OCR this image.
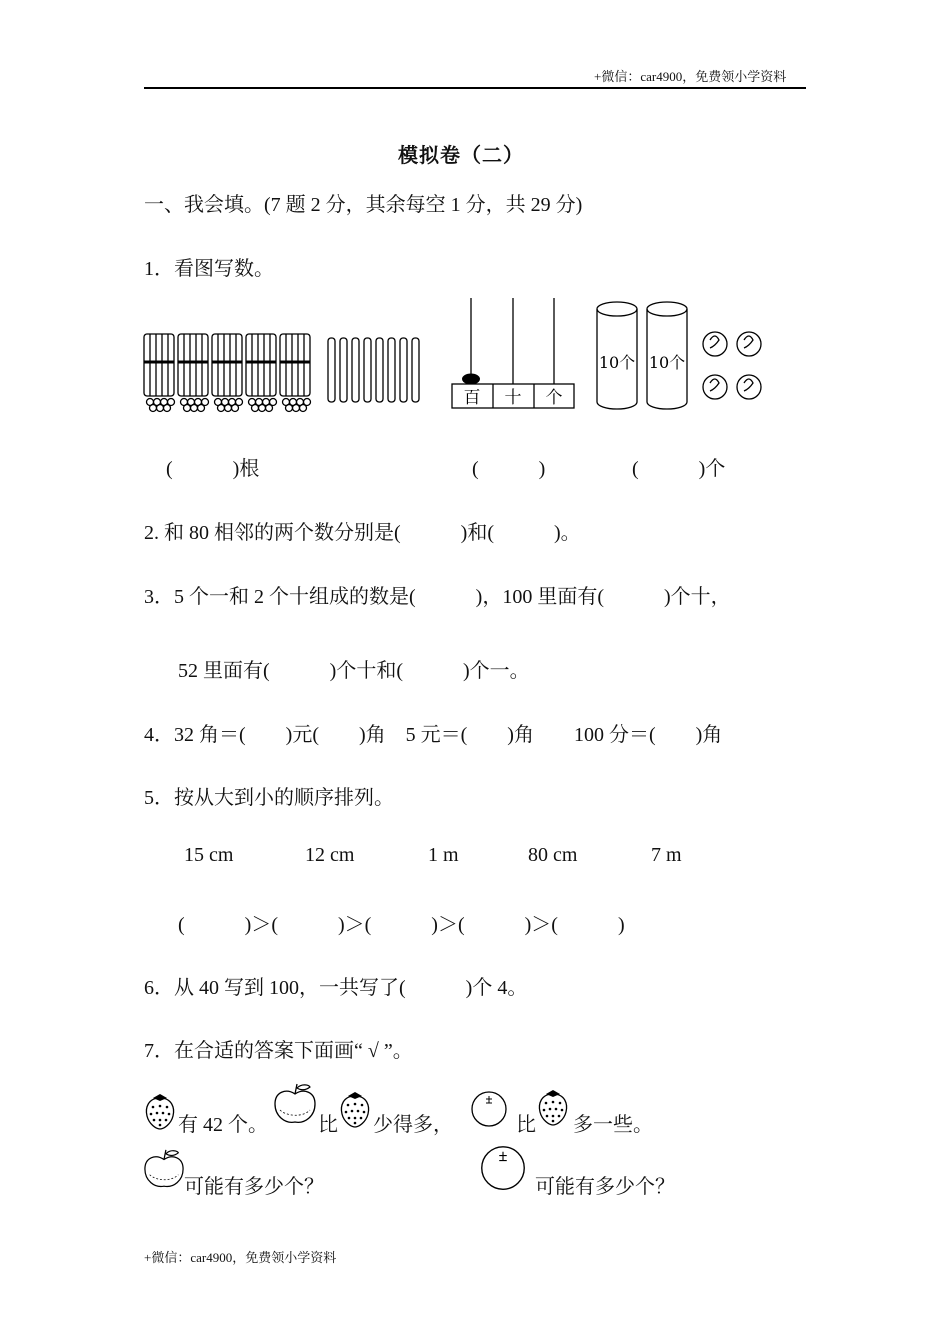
+微信：car4900，免费领小学资料
模拟卷（二）
一、我会填。(7 题 2 分，其余每空 1 分，共 29 分)
1．看图写数。
百 十 个
10个 10个
(　　　)根	(　　　)	(　　　)个
2. 和 80 相邻的两个数分别是(　　　)和(　　　)。
3．5 个一和 2 个十组成的数是(　　　)，100 里面有(　　　)个十，
52 里面有(　　　)个十和(　　　)个一。
4．32 角＝(　　)元(　　)角　5 元＝(　　)角　　100 分＝(　　)角
5．按从大到小的顺序排列。
15 cm	12 cm	1 m	80 cm	7 m
(　　　)＞(　　　)＞(　　　)＞(　　　)＞(　　　)
6．从 40 写到 100，一共写了(　　　)个 4。
7．在合适的答案下面画“ √ ”。
有 42 个。	比 少得多，	比 多一些。
可能有多少个？	可能有多少个？
+微信：car4900，免费领小学资料
